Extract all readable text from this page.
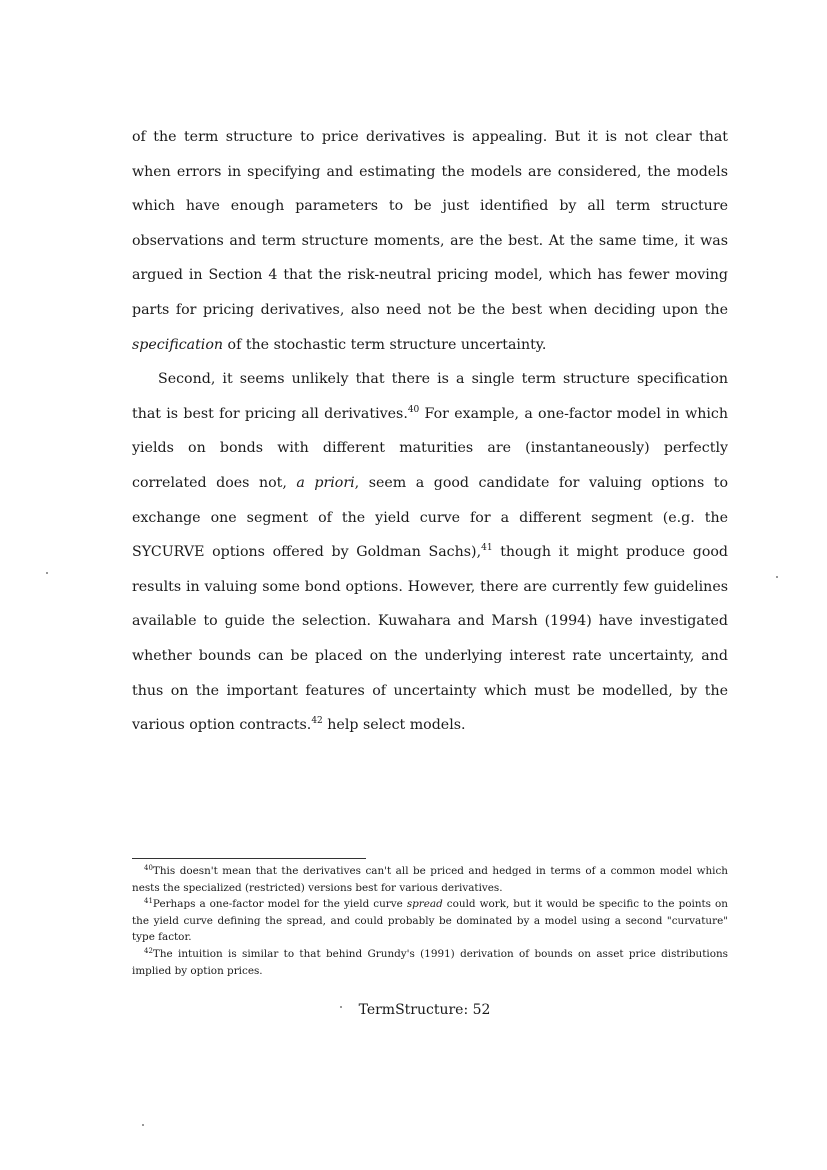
of the term structure to price derivatives is appealing. But it is not clear that when errors in specifying and estimating the models are considered, the models which have enough parameters to be just identified by all term structure observations and term structure moments, are the best. At the same time, it was argued in Section 4 that the risk-neutral pricing model, which has fewer moving parts for pricing derivatives, also need not be the best when deciding upon the specification of the stochastic term structure uncertainty.

Second, it seems unlikely that there is a single term structure specification that is best for pricing all derivatives.$^{40}$ For example, a one-factor model in which yields on bonds with different maturities are (instantaneously) perfectly correlated does not, a priori, seem a good candidate for valuing options to exchange one segment of the yield curve for a different segment (e.g. the SYCURVE options offered by Goldman Sachs),$^{41}$ though it might produce good results in valuing some bond options. However, there are currently few guidelines available to guide the selection. Kuwahara and Marsh (1994) have investigated whether bounds can be placed on the underlying interest rate uncertainty, and thus on the important features of uncertainty which must be modelled, by the various option contracts.$^{42}$ help select models.

$^{40}$This doesn't mean that the derivatives can't all be priced and hedged in terms of a common model which nests the specialized (restricted) versions best for various derivatives.

$^{41}$Perhaps a one-factor model for the yield curve spread could work, but it would be specific to the points on the yield curve defining the spread, and could probably be dominated by a model using a second "curvature" type factor.

$^{42}$The intuition is similar to that behind Grundy's (1991) derivation of bounds on asset price distributions implied by option prices.

TermStructure: 52
